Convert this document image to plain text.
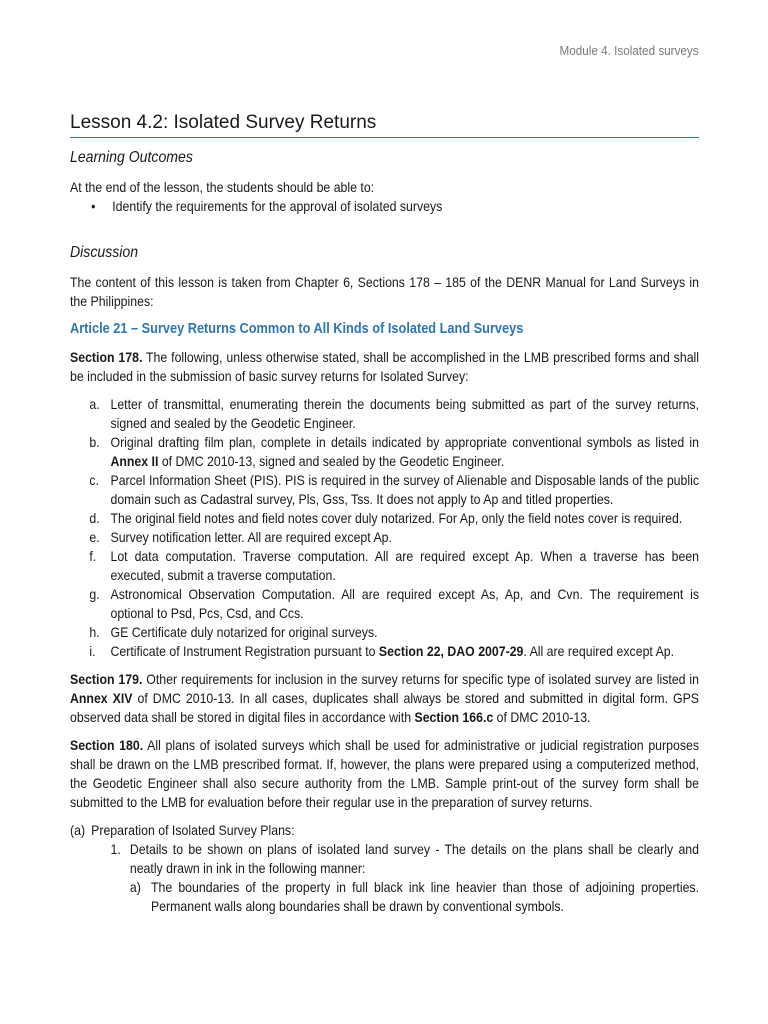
Module 4. Isolated surveys
Lesson 4.2: Isolated Survey Returns
Learning Outcomes

At the end of the lesson, the students should be able to:

• Identify the requirements for the approval of isolated surveys
Discussion

The content of this lesson is taken from Chapter 6, Sections 178 – 185 of the DENR Manual for Land Surveys in the Philippines:

Article 21 – Survey Returns Common to All Kinds of Isolated Land Surveys

Section 178. The following, unless otherwise stated, shall be accomplished in the LMB prescribed forms and shall be included in the submission of basic survey returns for Isolated Survey:

a. Letter of transmittal, enumerating therein the documents being submitted as part of the survey returns, signed and sealed by the Geodetic Engineer.
b. Original drafting film plan, complete in details indicated by appropriate conventional symbols as listed in Annex II of DMC 2010-13, signed and sealed by the Geodetic Engineer.
c. Parcel Information Sheet (PIS). PIS is required in the survey of Alienable and Disposable lands of the public domain such as Cadastral survey, Pls, Gss, Tss. It does not apply to Ap and titled properties.
d. The original field notes and field notes cover duly notarized. For Ap, only the field notes cover is required.
e. Survey notification letter. All are required except Ap.
f. Lot data computation. Traverse computation. All are required except Ap. When a traverse has been executed, submit a traverse computation.
g. Astronomical Observation Computation. All are required except As, Ap, and Cvn. The requirement is optional to Psd, Pcs, Csd, and Ccs.
h. GE Certificate duly notarized for original surveys.
i. Certificate of Instrument Registration pursuant to Section 22, DAO 2007-29. All are required except Ap.

Section 179. Other requirements for inclusion in the survey returns for specific type of isolated survey are listed in Annex XIV of DMC 2010-13. In all cases, duplicates shall always be stored and submitted in digital form. GPS observed data shall be stored in digital files in accordance with Section 166.c of DMC 2010-13.

Section 180. All plans of isolated surveys which shall be used for administrative or judicial registration purposes shall be drawn on the LMB prescribed format. If, however, the plans were prepared using a computerized method, the Geodetic Engineer shall also secure authority from the LMB. Sample print-out of the survey form shall be submitted to the LMB for evaluation before their regular use in the preparation of survey returns.

(a) Preparation of Isolated Survey Plans:

1. Details to be shown on plans of isolated land survey - The details on the plans shall be clearly and neatly drawn in ink in the following manner:

a) The boundaries of the property in full black ink line heavier than those of adjoining properties. Permanent walls along boundaries shall be drawn by conventional symbols.
